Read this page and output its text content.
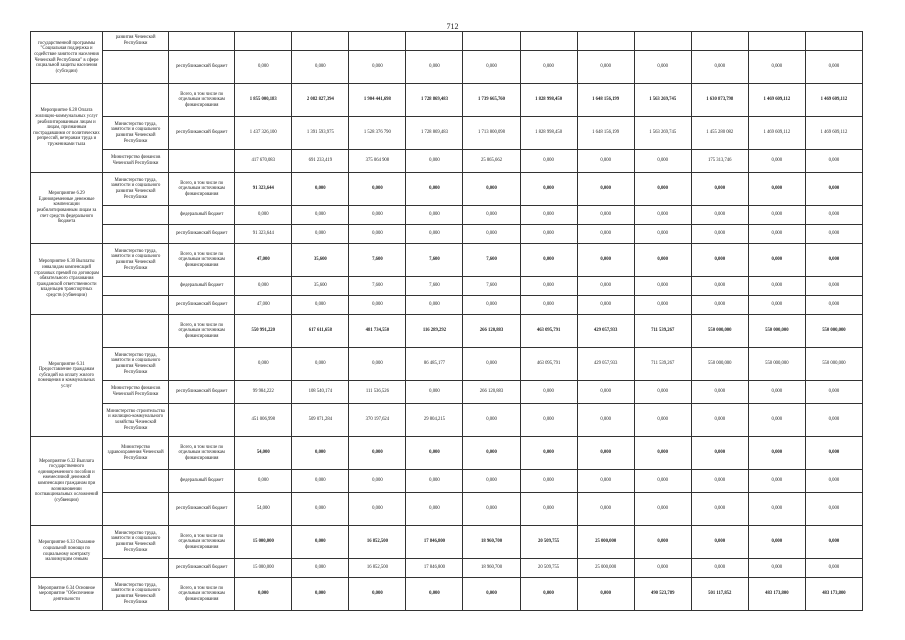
712
государственной программы "Социальная поддержка и содействие занятости населения Чеченской Республики" в сфере социальной защиты населения (субсидии)	развития Чеченской Республики												
		республиканский бюджет	0,000	0,000	0,000	0,000	0,000	0,000	0,000	0,000	0,000	0,000	0,000
Мероприятие 6.28 Оплата жилищно-коммунальных услуг реабилитированным лицам и лицам, признанным пострадавшими от политических репрессий, ветеранам труда и тружениками тыла		Всего, в том числе по отдельным источникам финансирования	1 855 000,183	2 082 827,394	1 904 441,698	1 728 869,483	1 739 665,760	1 828 998,450	1 648 156,199	1 563 269,745	1 630 873,798	1 469 609,112	1 469 609,112
	Министерство труда, занятости и социального развития Чеченской Республики	республиканский бюджет	1 437 326,100	1 391 593,975	1 528 376 790	1 728 869,483	1 713 800,098	1 828 998,450	1 648 156,199	1 563 269,745	1 455 280 082	1 469 609,112	1 469 609,112
	Министерство финансов Чеченской Республики		417 670,083	691 233,419	375 064 908	0,000	25 865,662	0,000	0,000	0,000	175 313,746	0,000	0,000
Мероприятие 6.29 Единовременные денежные компенсации реабилитированным лицам за счет средств федерального бюджета	Министерство труда, занятости и социального развития Чеченской Республики	Всего, в том числе по отдельным источникам финансирования	91 323,644	0,000	0,000	0,000	0,000	0,000	0,000	0,000	0,000	0,000	0,000
		федеральный бюджет	0,000	0,000	0,000	0,000	0,000	0,000	0,000	0,000	0,000	0,000	0,000
		республиканский бюджет	91 323,644	0,000	0,000	0,000	0,000	0,000	0,000	0,000	0,000	0,000	0,000
Мероприятие 6.30 Выплаты инвалидам компенсаций страховых премий по договорам обязательного страхования гражданской ответственности владельцев транспортных средств (субвенции)	Министерство труда, занятости и социального развития Чеченской Республики	Всего, в том числе по отдельным источникам финансирования	47,000	35,600	7,600	7,600	7,600	0,000	0,000	0,000	0,000	0,000	0,000
		федеральный бюджет	0,000	35,600	7,600	7,600	7,600	0,000	0,000	0,000	0,000	0,000	0,000
		республиканский бюджет	47,000	0,000	0,000	0,000	0,000	0,000	0,000	0,000	0,000	0,000	0,000
Мероприятие 6.31 Предоставление гражданам субсидий на оплату жилого помещения и коммунальных услуг		Всего, в том числе по отдельным источникам финансирования	550 991,220	617 611,658	481 734,550	116 289,292	266 120,883	463 095,791	429 057,933	711 539,267	550 000,000	550 000,000	550 000,000
	Министерство труда, занятости и социального развития Чеченской Республики		0,000	0,000	0,000	86 485,177	0,000	463 095,791	429 057,933	711 539,267	550 000,000	550 000,000	550 000,000
	Министерство финансов Чеченской Республики	республиканский бюджет	99 984,222	108 540,174	111 536,526	0,000	266 120,883	0,000	0,000	0,000	0,000	0,000	0,000
	Министерство строительства и жилищно-коммунального хозяйства Чеченской Республики		451 006,998	509 071,284	370 197,624	29 804,215	0,000	0,000	0,000	0,000	0,000	0,000	0,000
Мероприятие 6.32 Выплата государственного единовременного пособия и ежемесячной денежной компенсации гражданам при возникновении поствакцинальных осложнений (субвенции)	Министерство здравоохранения Чеченской Республики	Всего, в том числе по отдельным источникам финансирования	54,000	0,000	0,000	0,000	0,000	0,000	0,000	0,000	0,000	0,000	0,000
		федеральный бюджет	0,000	0,000	0,000	0,000	0,000	0,000	0,000	0,000	0,000	0,000	0,000
		республиканский бюджет	54,000	0,000	0,000	0,000	0,000	0,000	0,000	0,000	0,000	0,000	0,000
Мероприятие 6.33 Оказание социальной помощи по социальному контракту малоимущим семьям	Министерство труда, занятости и социального развития Чеченской Республики	Всего, в том числе по отдельным источникам финансирования	15 000,000	0,000	16 852,500	17 846,800	18 960,700	20 509,755	25 000,000	0,000	0,000	0,000	0,000
		республиканский бюджет	15 000,000	0,000	16 852,500	17 846,800	18 960,700	20 509,755	25 000,000	0,000	0,000	0,000	0,000
Мероприятие 6.34 Основное мероприятие "Обеспечение деятельности	Министерство труда, занятости и социального развития Чеченской Республики	Всего, в том числе по отдельным источникам финансирования	0,000	0,000	0,000	0,000	0,000	0,000	0,000	490 523,789	501 117,852	483 173,800	483 173,800
